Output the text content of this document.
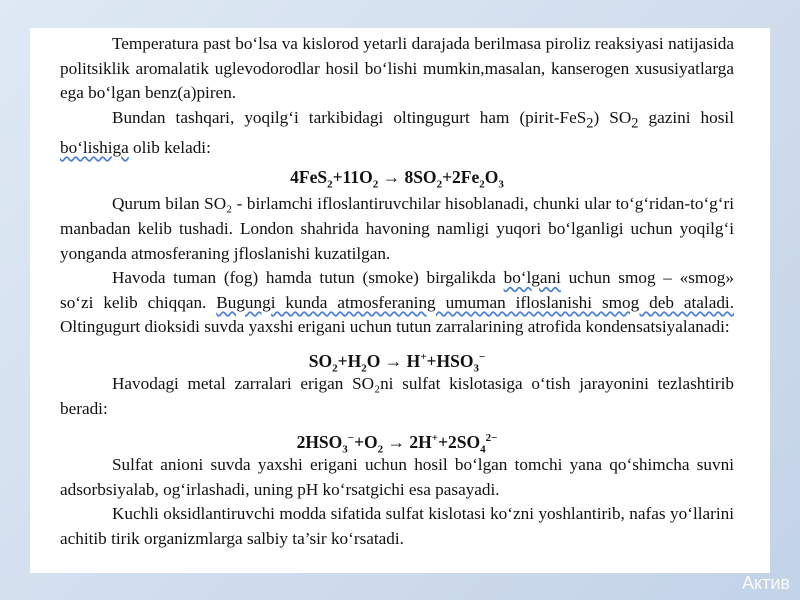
Temperatura past bo‘lsa va kislorod yetarli darajada berilmasa piroliz reaksiyasi natijasida politsiklik aromalatik uglevodorodlar hosil bo‘lishi mumkin,masalan, kanserogen xususiyatlarga ega bo‘lgan benz(a)piren.

Bundan tashqari, yoqilg‘i tarkibidagi oltingugurt ham (pirit-FeS$_2$) $SO_2$ gazini hosil bo‘lishiga olib keladi:

$4FeS_2+11O_2 \to 8SO_2+2Fe_2O_3$

Qurum bilan SO₂ - birlamchi ifloslantiruvchilar hisoblanadi, chunki ular to‘g‘ridan-to‘g‘ri manbadan kelib tushadi. London shahrida havoning namligi yuqori bo‘lganligi uchun yoqilg‘i yonganda atmosferaning jfloslanishi kuzatilgan.

Havoda tuman (fog) hamda tutun (smoke) birgalikda bo‘lgani uchun smog – «smog» so‘zi kelib chiqqan. Bugungi kunda atmosferaning umuman ifloslanishi smog deb ataladi. Oltingugurt dioksidi suvda yaxshi erigani uchun tutun zarralarining atrofida kondensatsiyalanadi:

$SO_2+H_2O \to H^++HSO_3^-$

Havodagi metal zarralari erigan SO₂ni sulfat kislotasiga o‘tish jarayonini tezlashtirib beradi:

$2HSO_3^-+O_2 \to 2H^++2SO_4^{2-}$

Sulfat anioni suvda yaxshi erigani uchun hosil bo‘lgan tomchi yana qo‘shimcha suvni adsorbsiyalab, og‘irlashadi, uning pH ko‘rsatgichi esa pasayadi.

Kuchli oksidlantiruvchi modda sifatida sulfat kislotasi ko‘zni yoshlantirib, nafas yo‘llarini achitib tirik organizmlarga salbiy ta’sir ko‘rsatadi.

Актив
